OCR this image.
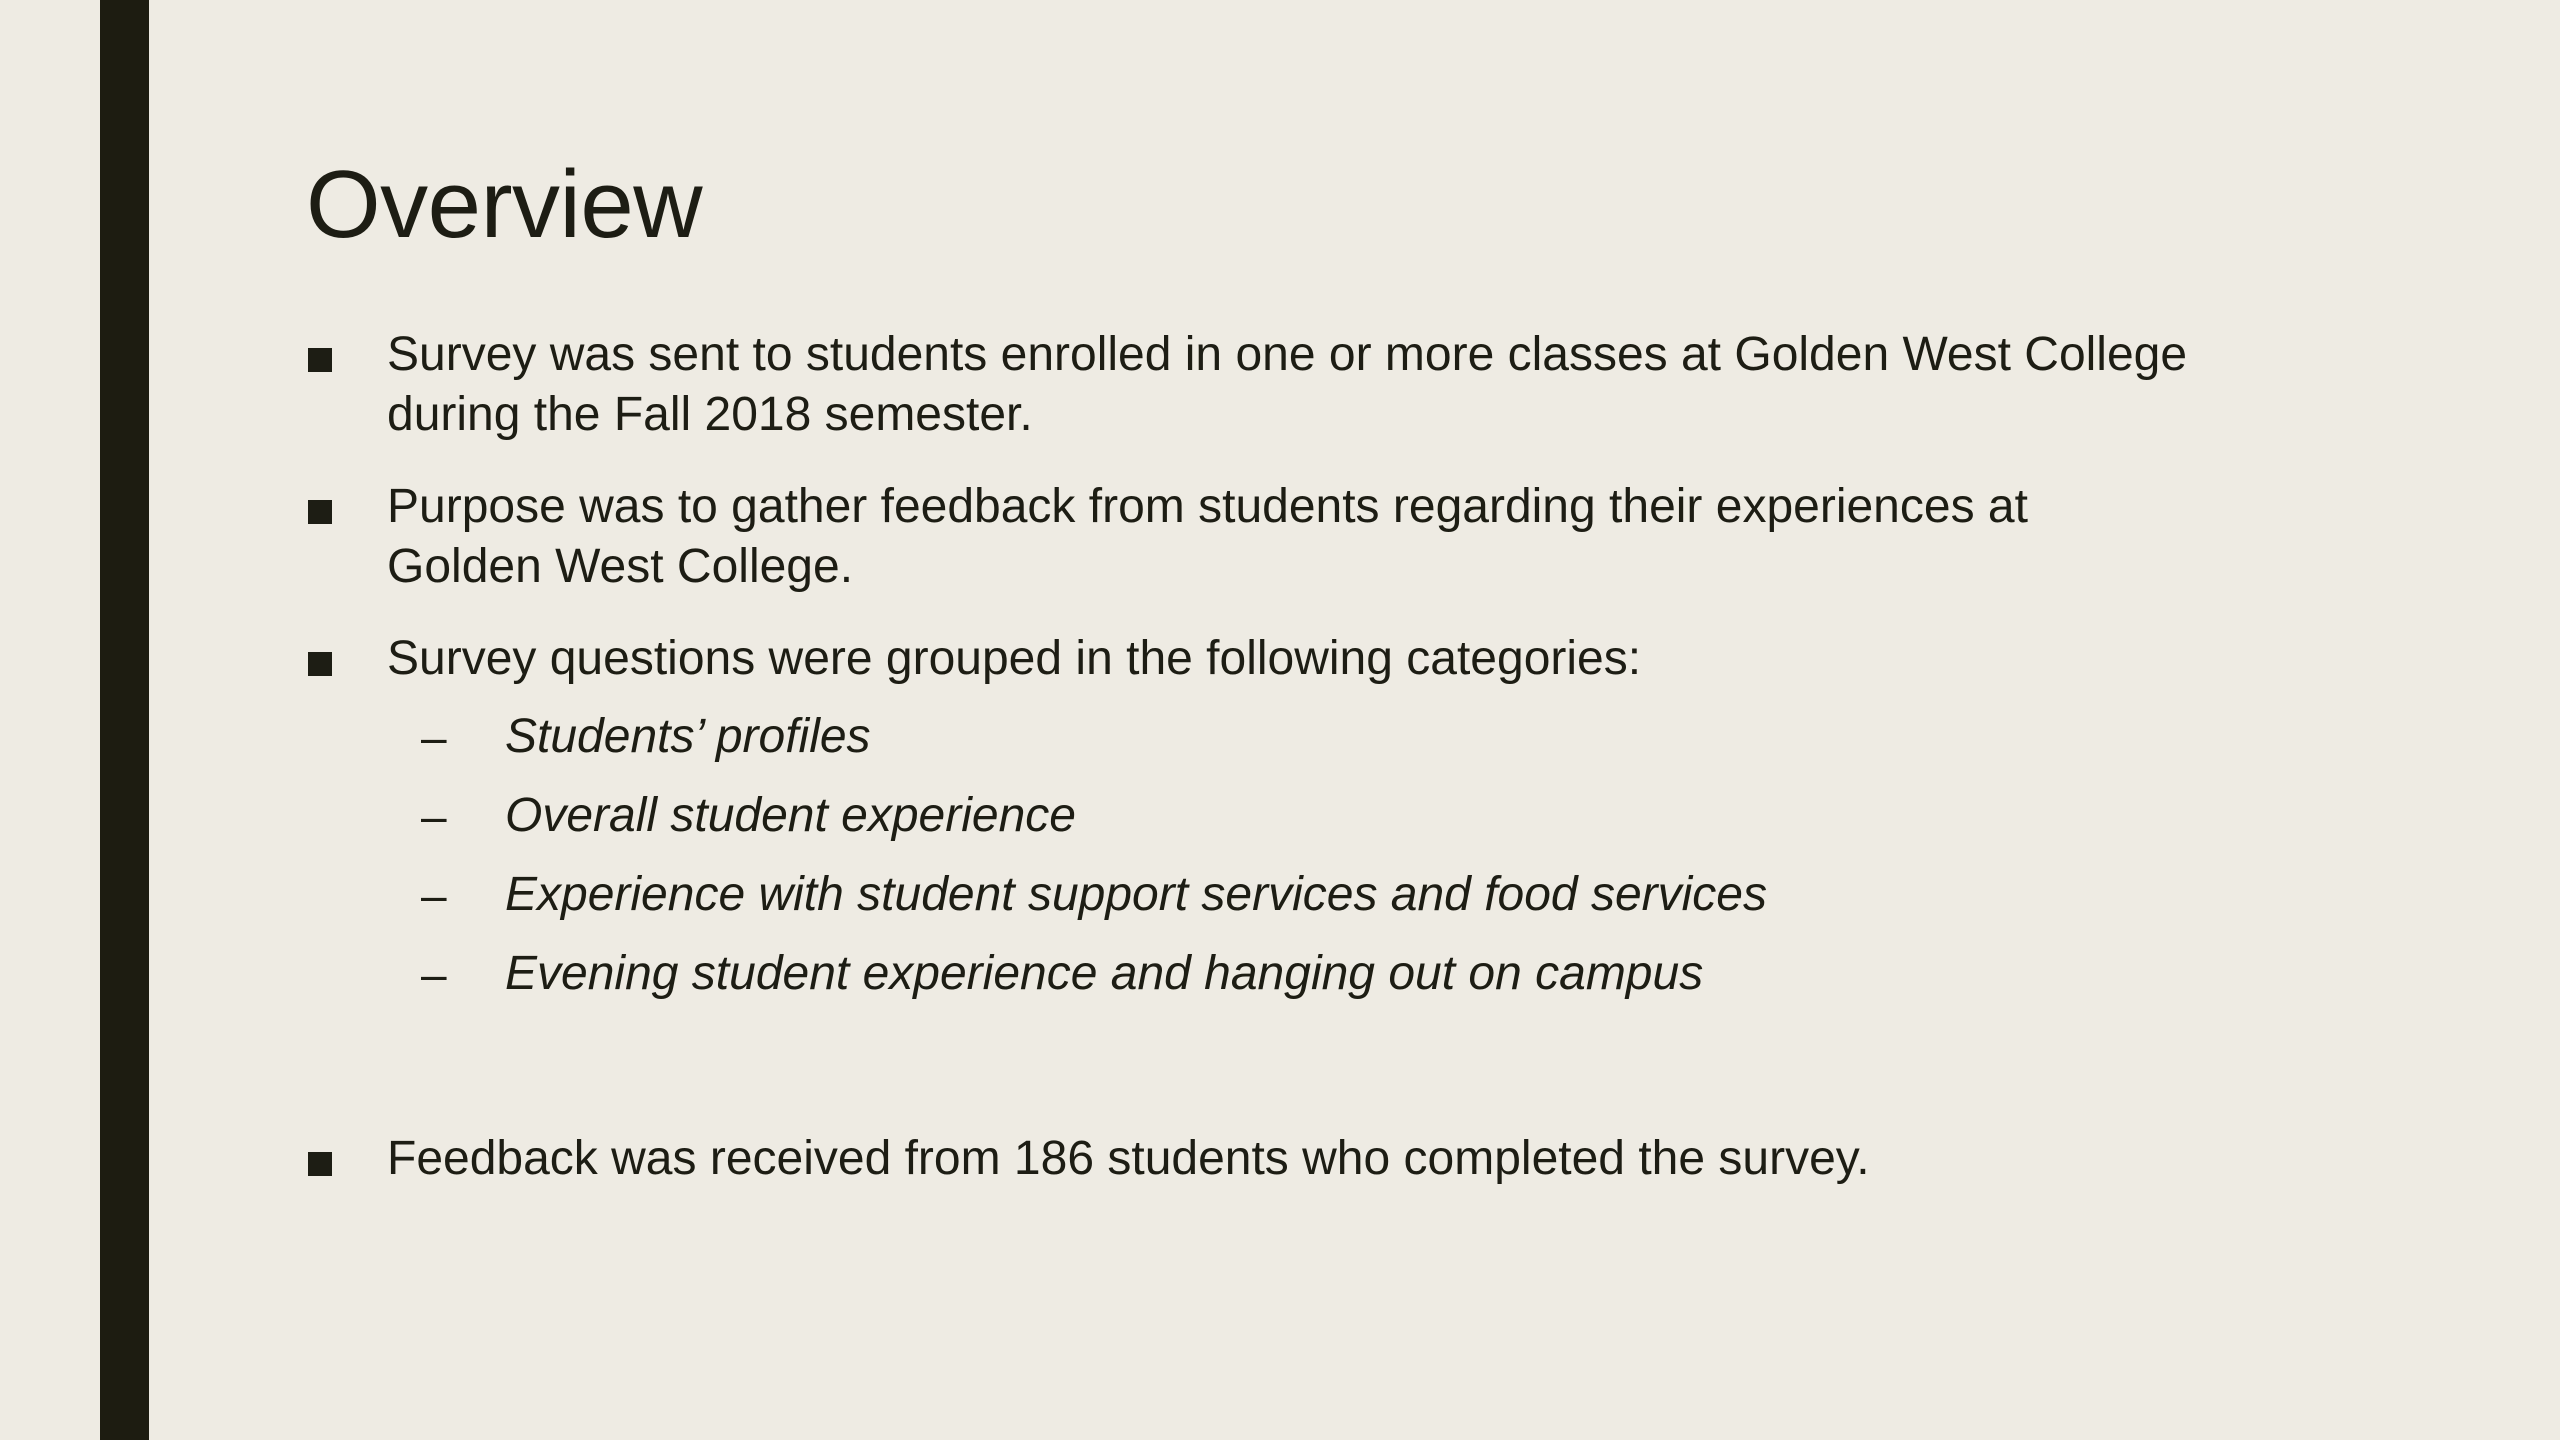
Overview
Survey was sent to students enrolled in one or more classes at Golden West College
during the Fall 2018 semester.
Purpose was to gather feedback from students regarding their experiences at
Golden West College.
Survey questions were grouped in the following categories:
– Students’ profiles
– Overall student experience
– Experience with student support services and food services
– Evening student experience and hanging out on campus
Feedback was received from 186 students who completed the survey.
